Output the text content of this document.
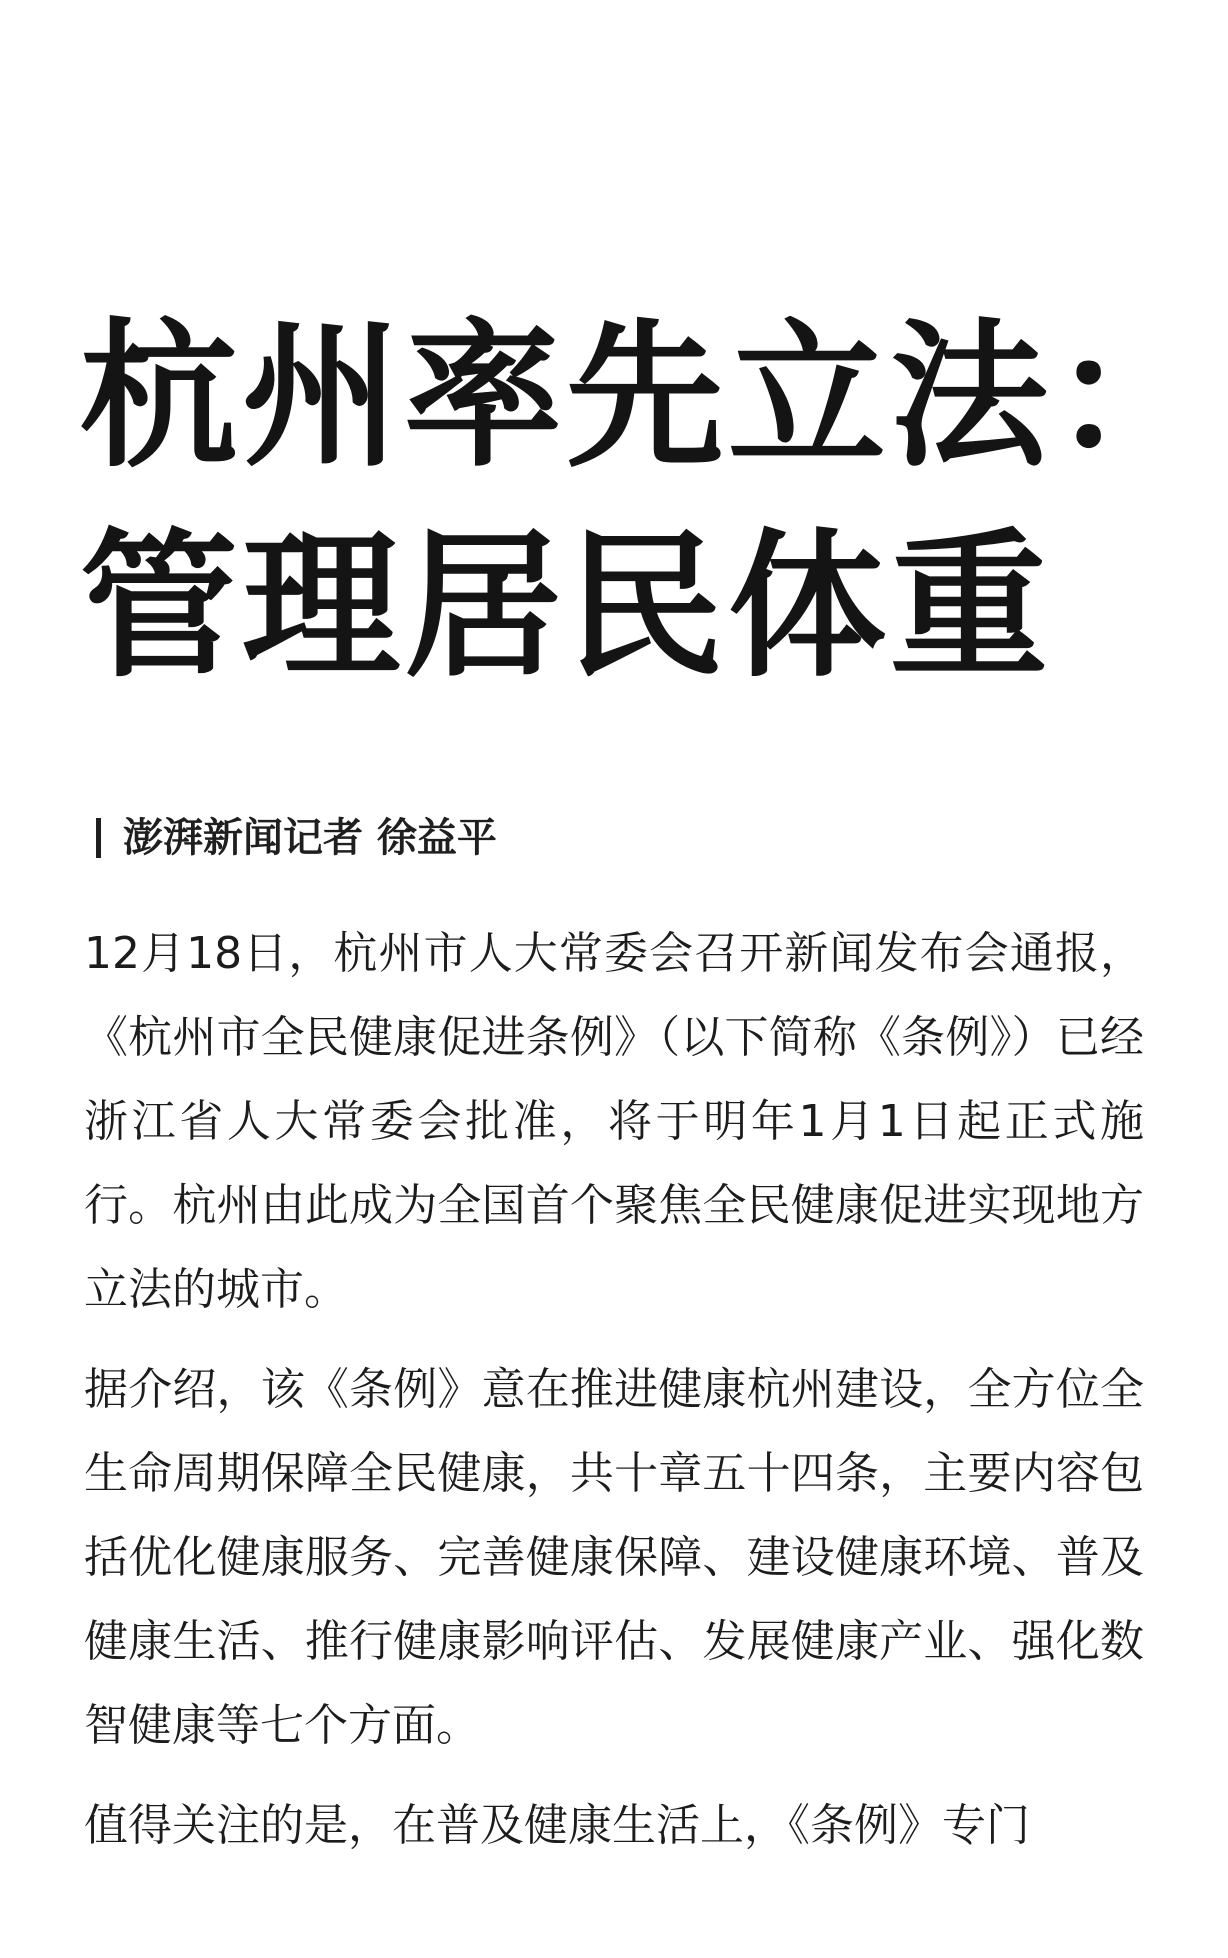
杭州率先立法：
管理居民体重
澎湃新闻记者 徐益平

12月18日，杭州市人大常委会召开新闻发布会通报，《杭州市全民健康促进条例》（以下简称《条例》）已经浙江省人大常委会批准，将于明年1月1日起正式施行。杭州由此成为全国首个聚焦全民健康促进实现地方立法的城市。

据介绍，该《条例》意在推进健康杭州建设，全方位全生命周期保障全民健康，共十章五十四条，主要内容包括优化健康服务、完善健康保障、建设健康环境、普及健康生活、推行健康影响评估、发展健康产业、强化数智健康等七个方面。

值得关注的是，在普及健康生活上，《条例》专门
